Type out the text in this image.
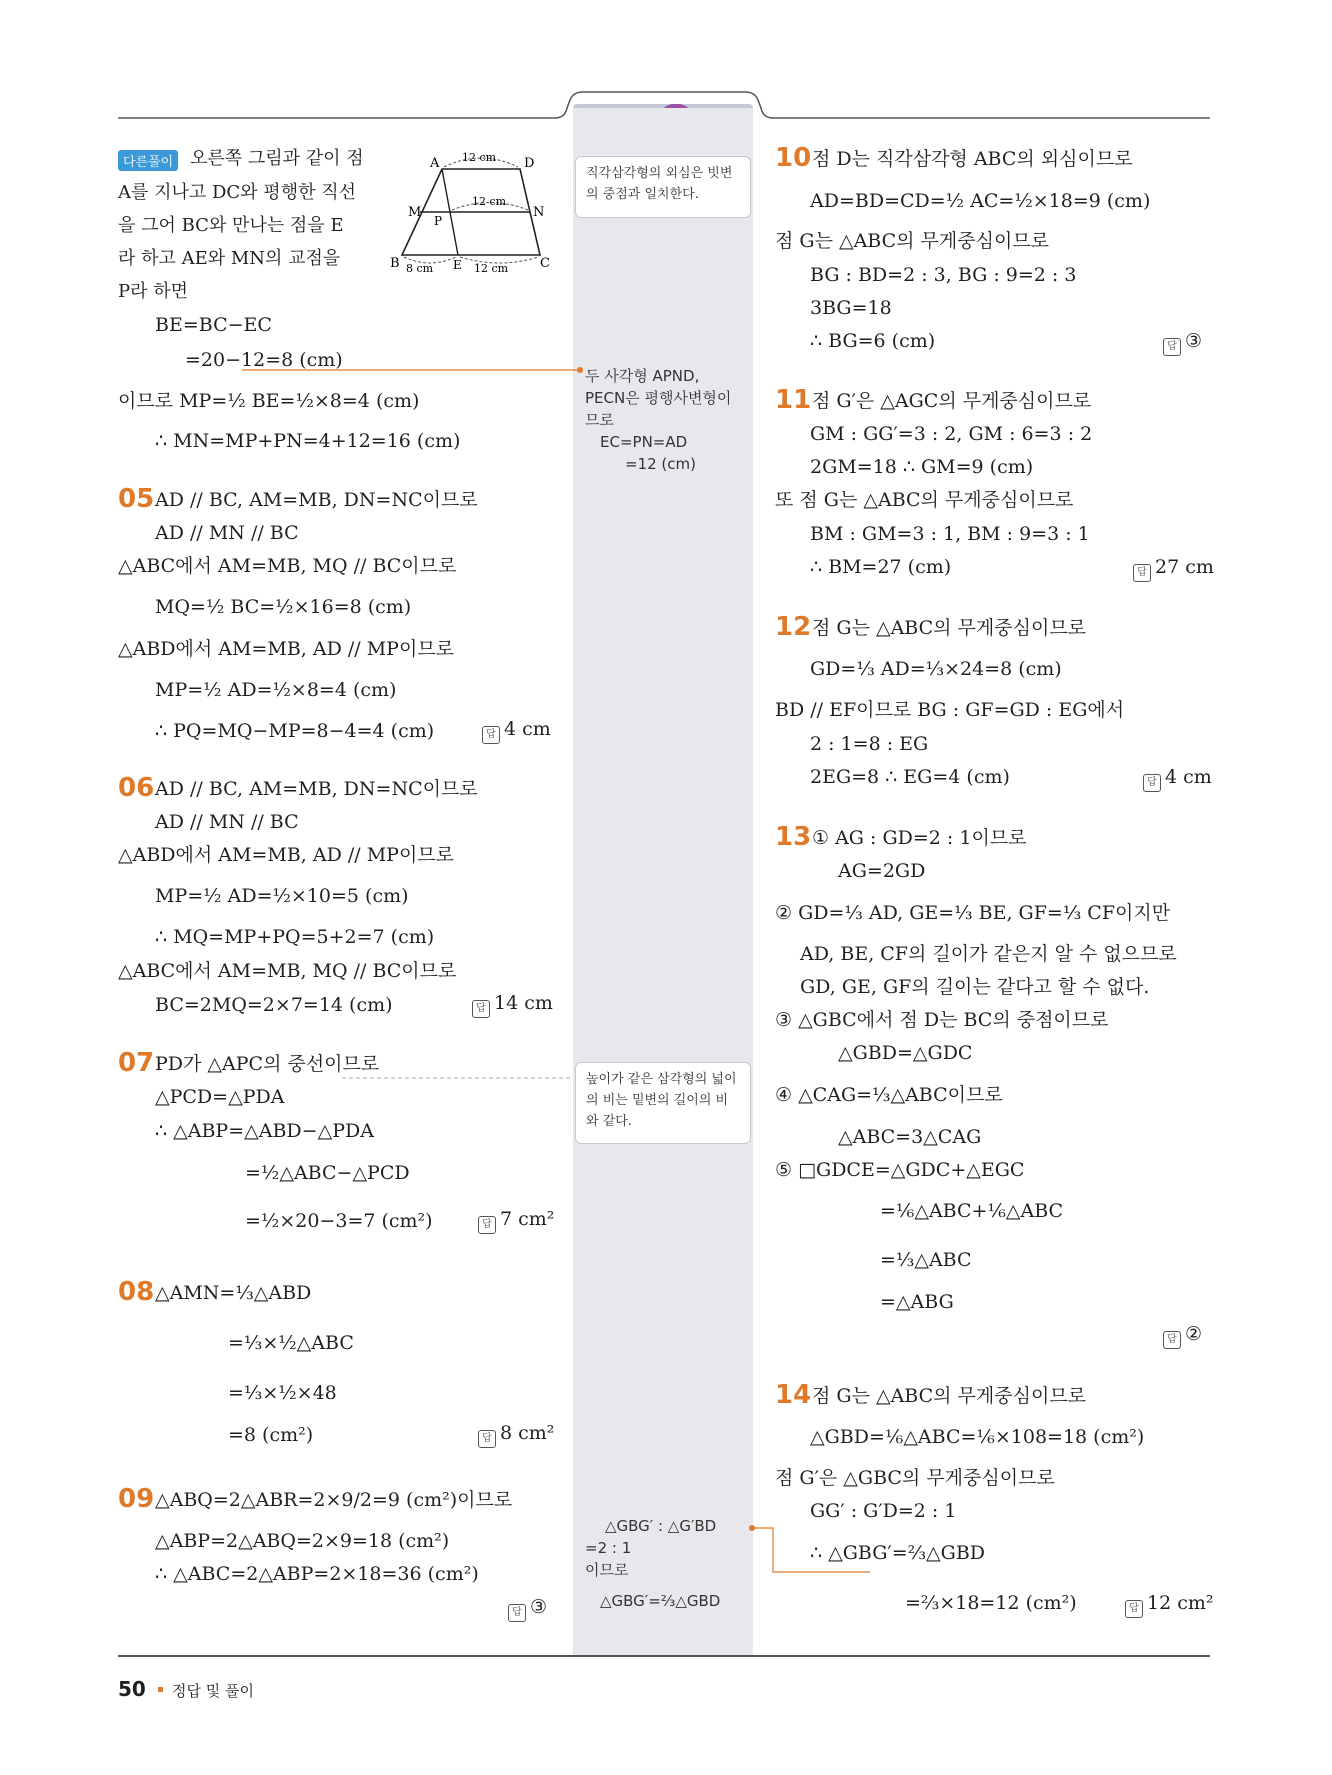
다른풀이 오른쪽 그림과 같이 점
A를 지나고 DC와 평행한 직선
을 그어 BC와 만나는 점을 E
라 하고 AE와 MN의 교점을
P라 하면
A	D
M	N
P
B	E	C
12 cm
12 cm
8 cm	12 cm
BE=BC−EC
=20−12=8 (cm)
이므로 MP=½ BE=½×8=4 (cm)
∴ MN=MP+PN=4+12=16 (cm)
05 AD // BC, AM=MB, DN=NC이므로
AD // MN // BC
△ABC에서 AM=MB, MQ // BC이므로
MQ=½ BC=½×16=8 (cm)
△ABD에서 AM=MB, AD // MP이므로
MP=½ AD=½×8=4 (cm)
∴ PQ=MQ−MP=8−4=4 (cm)	답 4 cm
06 AD // BC, AM=MB, DN=NC이므로
AD // MN // BC
△ABD에서 AM=MB, AD // MP이므로
MP=½ AD=½×10=5 (cm)
∴ MQ=MP+PQ=5+2=7 (cm)
△ABC에서 AM=MB, MQ // BC이므로
BC=2MQ=2×7=14 (cm)	답 14 cm
07 PD가 △APC의 중선이므로
△PCD=△PDA
∴ △ABP=△ABD−△PDA
=½△ABC−△PCD
=½×20−3=7 (cm²)	답 7 cm²
08 △AMN=⅓△ABD
=⅓×½△ABC
=⅓×½×48
=8 (cm²)	답 8 cm²
09 △ABQ=2△ABR=2×9/2=9 (cm²)이므로
△ABP=2△ABQ=2×9=18 (cm²)
∴ △ABC=2△ABP=2×18=36 (cm²)
답 ③
직각삼각형의 외심은 빗변의 중점과 일치한다.
두 사각형 APND,
PECN은 평행사변형이
므로
EC=PN=AD
=12 (cm)
높이가 같은 삼각형의 넓이의 비는 밑변의 길이의 비와 같다.
△GBG′ : △G′BD
=2 : 1
이므로
△GBG′=⅔△GBD
10 점 D는 직각삼각형 ABC의 외심이므로
AD=BD=CD=½ AC=½×18=9 (cm)
점 G는 △ABC의 무게중심이므로
BG : BD=2 : 3, BG : 9=2 : 3
3BG=18
∴ BG=6 (cm)	답 ③
11 점 G′은 △AGC의 무게중심이므로
GM : GG′=3 : 2, GM : 6=3 : 2
2GM=18 ∴ GM=9 (cm)
또 점 G는 △ABC의 무게중심이므로
BM : GM=3 : 1, BM : 9=3 : 1
∴ BM=27 (cm)	답 27 cm
12 점 G는 △ABC의 무게중심이므로
GD=⅓ AD=⅓×24=8 (cm)
BD // EF이므로 BG : GF=GD : EG에서
2 : 1=8 : EG
2EG=8 ∴ EG=4 (cm)	답 4 cm
13 ① AG : GD=2 : 1이므로
AG=2GD
② GD=⅓ AD, GE=⅓ BE, GF=⅓ CF이지만
AD, BE, CF의 길이가 같은지 알 수 없으므로
GD, GE, GF의 길이는 같다고 할 수 없다.
③ △GBC에서 점 D는 BC의 중점이므로
△GBD=△GDC
④ △CAG=⅓△ABC이므로
△ABC=3△CAG
⑤ □GDCE=△GDC+△EGC
=⅙△ABC+⅙△ABC
=⅓△ABC
=△ABG
답 ②
14 점 G는 △ABC의 무게중심이므로
△GBD=⅙△ABC=⅙×108=18 (cm²)
점 G′은 △GBC의 무게중심이므로
GG′ : G′D=2 : 1
∴ △GBG′=⅔△GBD
=⅔×18=12 (cm²)	답 12 cm²
50 정답 및 풀이
